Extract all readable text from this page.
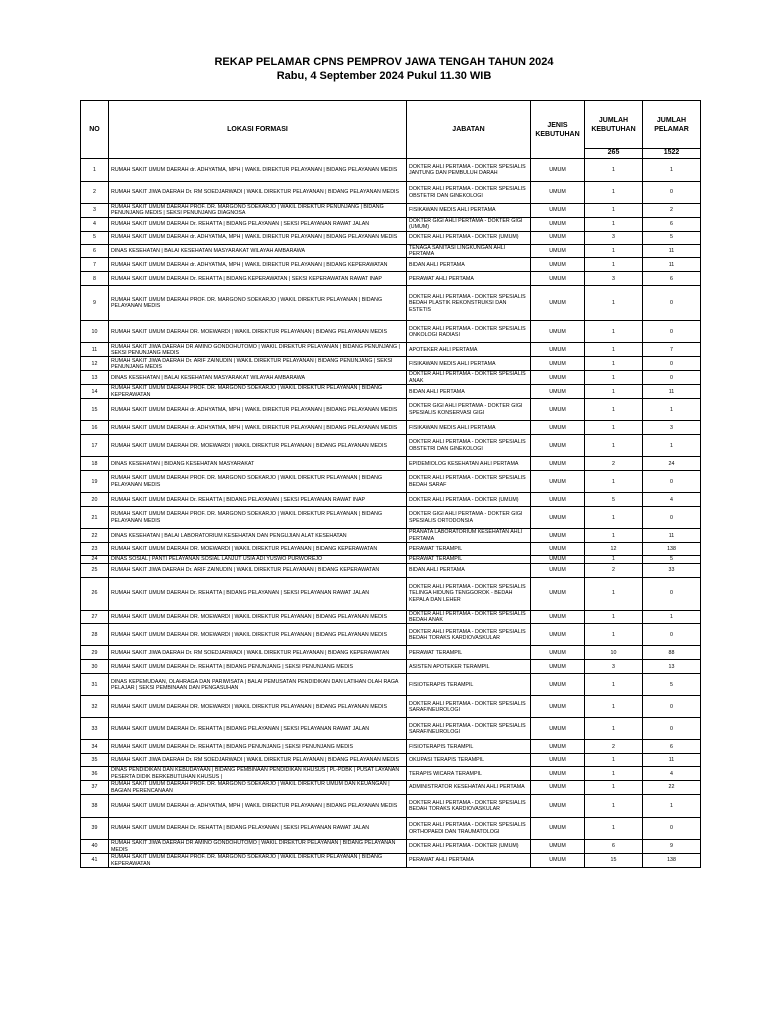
REKAP PELAMAR CPNS PEMPROV JAWA TENGAH TAHUN 2024
Rabu, 4 September 2024 Pukul 11.30 WIB
NO	LOKASI FORMASI	JABATAN	JENIS KEBUTUHAN	JUMLAH KEBUTUHAN	JUMLAH PELAMAR
				265	1522
1	RUMAH SAKIT UMUM DAERAH dr. ADHYATMA, MPH | WAKIL DIREKTUR PELAYANAN | BIDANG PELAYANAN MEDIS	DOKTER AHLI PERTAMA - DOKTER SPESIALIS JANTUNG DAN PEMBULUH DARAH	UMUM	1	1
2	RUMAH SAKIT JIWA DAERAH Dr. RM SOEDJARWADI | WAKIL DIREKTUR PELAYANAN | BIDANG PELAYANAN MEDIS	DOKTER AHLI PERTAMA - DOKTER SPESIALIS OBSTETRI DAN GINEKOLOGI	UMUM	1	0
3	RUMAH SAKIT UMUM DAERAH PROF. DR. MARGONO SOEKARJO | WAKIL DIREKTUR PENUNJANG | BIDANG PENUNJANG MEDIS | SEKSI PENUNJANG DIAGNOSA	FISIKAWAN MEDIS AHLI PERTAMA	UMUM	1	2
4	RUMAH SAKIT UMUM DAERAH Dr. REHATTA | BIDANG PELAYANAN | SEKSI PELAYANAN RAWAT JALAN	DOKTER GIGI AHLI PERTAMA - DOKTER GIGI (UMUM)	UMUM	1	6
5	RUMAH SAKIT UMUM DAERAH dr. ADHYATMA, MPH | WAKIL DIREKTUR PELAYANAN | BIDANG PELAYANAN MEDIS	DOKTER AHLI PERTAMA - DOKTER (UMUM)	UMUM	3	5
6	DINAS KESEHATAN | BALAI KESEHATAN MASYARAKAT WILAYAH AMBARAWA	TENAGA SANITASI LINGKUNGAN AHLI PERTAMA	UMUM	1	11
7	RUMAH SAKIT UMUM DAERAH dr. ADHYATMA, MPH | WAKIL DIREKTUR PELAYANAN | BIDANG KEPERAWATAN	BIDAN AHLI PERTAMA	UMUM	1	11
8	RUMAH SAKIT UMUM DAERAH Dr. REHATTA | BIDANG KEPERAWATAN | SEKSI KEPERAWATAN RAWAT INAP	PERAWAT AHLI PERTAMA	UMUM	3	6
9	RUMAH SAKIT UMUM DAERAH PROF. DR. MARGONO SOEKARJO | WAKIL DIREKTUR PELAYANAN | BIDANG PELAYANAN MEDIS	DOKTER AHLI PERTAMA - DOKTER SPESIALIS BEDAH PLASTIK REKONSTRUKSI DAN ESTETIS	UMUM	1	0
10	RUMAH SAKIT UMUM DAERAH DR. MOEWARDI | WAKIL DIREKTUR PELAYANAN | BIDANG PELAYANAN MEDIS	DOKTER AHLI PERTAMA - DOKTER SPESIALIS ONKOLOGI RADIASI	UMUM	1	0
11	RUMAH SAKIT JIWA DAERAH DR AMINO GONDOHUTOMO | WAKIL DIREKTUR PELAYANAN | BIDANG PENUNJANG | SEKSI PENUNJANG MEDIS	APOTEKER AHLI PERTAMA	UMUM	1	7
12	RUMAH SAKIT JIWA DAERAH Dr. ARIF ZAINUDIN | WAKIL DIREKTUR PELAYANAN | BIDANG PENUNJANG | SEKSI PENUNJANG MEDIS	FISIKAWAN MEDIS AHLI PERTAMA	UMUM	1	0
13	DINAS KESEHATAN | BALAI KESEHATAN MASYARAKAT WILAYAH AMBARAWA	DOKTER AHLI PERTAMA - DOKTER SPESIALIS ANAK	UMUM	1	0
14	RUMAH SAKIT UMUM DAERAH PROF. DR. MARGONO SOEKARJO | WAKIL DIREKTUR PELAYANAN | BIDANG KEPERAWATAN	BIDAN AHLI PERTAMA	UMUM	1	11
15	RUMAH SAKIT UMUM DAERAH dr. ADHYATMA, MPH | WAKIL DIREKTUR PELAYANAN | BIDANG PELAYANAN MEDIS	DOKTER GIGI AHLI PERTAMA - DOKTER GIGI SPESIALIS KONSERVASI GIGI	UMUM	1	1
16	RUMAH SAKIT UMUM DAERAH dr. ADHYATMA, MPH | WAKIL DIREKTUR PELAYANAN | BIDANG PELAYANAN MEDIS	FISIKAWAN MEDIS AHLI PERTAMA	UMUM	1	3
17	RUMAH SAKIT UMUM DAERAH DR. MOEWARDI | WAKIL DIREKTUR PELAYANAN | BIDANG PELAYANAN MEDIS	DOKTER AHLI PERTAMA - DOKTER SPESIALIS OBSTETRI DAN GINEKOLOGI	UMUM	1	1
18	DINAS KESEHATAN | BIDANG KESEHATAN MASYARAKAT	EPIDEMIOLOG KESEHATAN AHLI PERTAMA	UMUM	2	24
19	RUMAH SAKIT UMUM DAERAH PROF. DR. MARGONO SOEKARJO | WAKIL DIREKTUR PELAYANAN | BIDANG PELAYANAN MEDIS	DOKTER AHLI PERTAMA - DOKTER SPESIALIS BEDAH SARAF	UMUM	1	0
20	RUMAH SAKIT UMUM DAERAH Dr. REHATTA | BIDANG PELAYANAN | SEKSI PELAYANAN RAWAT INAP	DOKTER AHLI PERTAMA - DOKTER (UMUM)	UMUM	5	4
21	RUMAH SAKIT UMUM DAERAH PROF. DR. MARGONO SOEKARJO | WAKIL DIREKTUR PELAYANAN | BIDANG PELAYANAN MEDIS	DOKTER GIGI AHLI PERTAMA - DOKTER GIGI SPESIALIS ORTODONSIA	UMUM	1	0
22	DINAS KESEHATAN | BALAI LABORATORIUM KESEHATAN DAN PENGUJIAN ALAT KESEHATAN	PRANATA LABORATORIUM KESEHATAN AHLI PERTAMA	UMUM	1	11
23	RUMAH SAKIT UMUM DAERAH DR. MOEWARDI | WAKIL DIREKTUR PELAYANAN | BIDANG KEPERAWATAN	PERAWAT TERAMPIL	UMUM	12	138
24	DINAS SOSIAL | PANTI PELAYANAN SOSIAL LANJUT USIA ADI YUSWO PURWOREJO	PERAWAT TERAMPIL	UMUM	1	5
25	RUMAH SAKIT JIWA DAERAH Dr. ARIF ZAINUDIN | WAKIL DIREKTUR PELAYANAN | BIDANG KEPERAWATAN	BIDAN AHLI PERTAMA	UMUM	2	33
26	RUMAH SAKIT UMUM DAERAH Dr. REHATTA | BIDANG PELAYANAN | SEKSI PELAYANAN RAWAT JALAN	DOKTER AHLI PERTAMA - DOKTER SPESIALIS TELINGA HIDUNG TENGGOROK - BEDAH KEPALA DAN LEHER	UMUM	1	0
27	RUMAH SAKIT UMUM DAERAH DR. MOEWARDI | WAKIL DIREKTUR PELAYANAN | BIDANG PELAYANAN MEDIS	DOKTER AHLI PERTAMA - DOKTER SPESIALIS BEDAH ANAK	UMUM	1	1
28	RUMAH SAKIT UMUM DAERAH DR. MOEWARDI | WAKIL DIREKTUR PELAYANAN | BIDANG PELAYANAN MEDIS	DOKTER AHLI PERTAMA - DOKTER SPESIALIS BEDAH TORAKS KARDIOVASKULAR	UMUM	1	0
29	RUMAH SAKIT JIWA DAERAH Dr. RM SOEDJARWADI | WAKIL DIREKTUR PELAYANAN | BIDANG KEPERAWATAN	PERAWAT TERAMPIL	UMUM	10	88
30	RUMAH SAKIT UMUM DAERAH Dr. REHATTA | BIDANG PENUNJANG | SEKSI PENUNJANG MEDIS	ASISTEN APOTEKER TERAMPIL	UMUM	3	13
31	DINAS KEPEMUDAAN, OLAHRAGA DAN PARIWISATA | BALAI PEMUSATAN PENDIDIKAN DAN LATIHAN OLAH RAGA PELAJAR | SEKSI PEMBINAAN DAN PENGASUHAN	FISIOTERAPIS TERAMPIL	UMUM	1	5
32	RUMAH SAKIT UMUM DAERAH DR. MOEWARDI | WAKIL DIREKTUR PELAYANAN | BIDANG PELAYANAN MEDIS	DOKTER AHLI PERTAMA - DOKTER SPESIALIS SARAF/NEUROLOGI	UMUM	1	0
33	RUMAH SAKIT UMUM DAERAH Dr. REHATTA | BIDANG PELAYANAN | SEKSI PELAYANAN RAWAT JALAN	DOKTER AHLI PERTAMA - DOKTER SPESIALIS SARAF/NEUROLOGI	UMUM	1	0
34	RUMAH SAKIT UMUM DAERAH Dr. REHATTA | BIDANG PENUNJANG | SEKSI PENUNJANG MEDIS	FISIOTERAPIS TERAMPIL	UMUM	2	6
35	RUMAH SAKIT JIWA DAERAH Dr. RM SOEDJARWADI | WAKIL DIREKTUR PELAYANAN | BIDANG PELAYANAN MEDIS	OKUPASI TERAPIS TERAMPIL	UMUM	1	11
36	DINAS PENDIDIKAN DAN KEBUDAYAAN | BIDANG PEMBINAAN PENDIDIKAN KHUSUS | PL-PDBK | PUSAT LAYANAN PESERTA DIDIK BERKEBUTUHAN KHUSUS |	TERAPIS WICARA TERAMPIL	UMUM	1	4
37	RUMAH SAKIT UMUM DAERAH PROF. DR. MARGONO SOEKARJO | WAKIL DIREKTUR UMUM DAN KEUANGAN | BAGIAN PERENCANAAN	ADMINISTRATOR KESEHATAN AHLI PERTAMA	UMUM	1	22
38	RUMAH SAKIT UMUM DAERAH dr. ADHYATMA, MPH | WAKIL DIREKTUR PELAYANAN | BIDANG PELAYANAN MEDIS	DOKTER AHLI PERTAMA - DOKTER SPESIALIS BEDAH TORAKS KARDIOVASKULAR	UMUM	1	1
39	RUMAH SAKIT UMUM DAERAH Dr. REHATTA | BIDANG PELAYANAN | SEKSI PELAYANAN RAWAT JALAN	DOKTER AHLI PERTAMA - DOKTER SPESIALIS ORTHOPAEDI DAN TRAUMATOLOGI	UMUM	1	0
40	RUMAH SAKIT JIWA DAERAH DR AMINO GONDOHUTOMO | WAKIL DIREKTUR PELAYANAN | BIDANG PELAYANAN MEDIS	DOKTER AHLI PERTAMA - DOKTER (UMUM)	UMUM	6	9
41	RUMAH SAKIT UMUM DAERAH PROF. DR. MARGONO SOEKARJO | WAKIL DIREKTUR PELAYANAN | BIDANG KEPERAWATAN	PERAWAT AHLI PERTAMA	UMUM	15	138
